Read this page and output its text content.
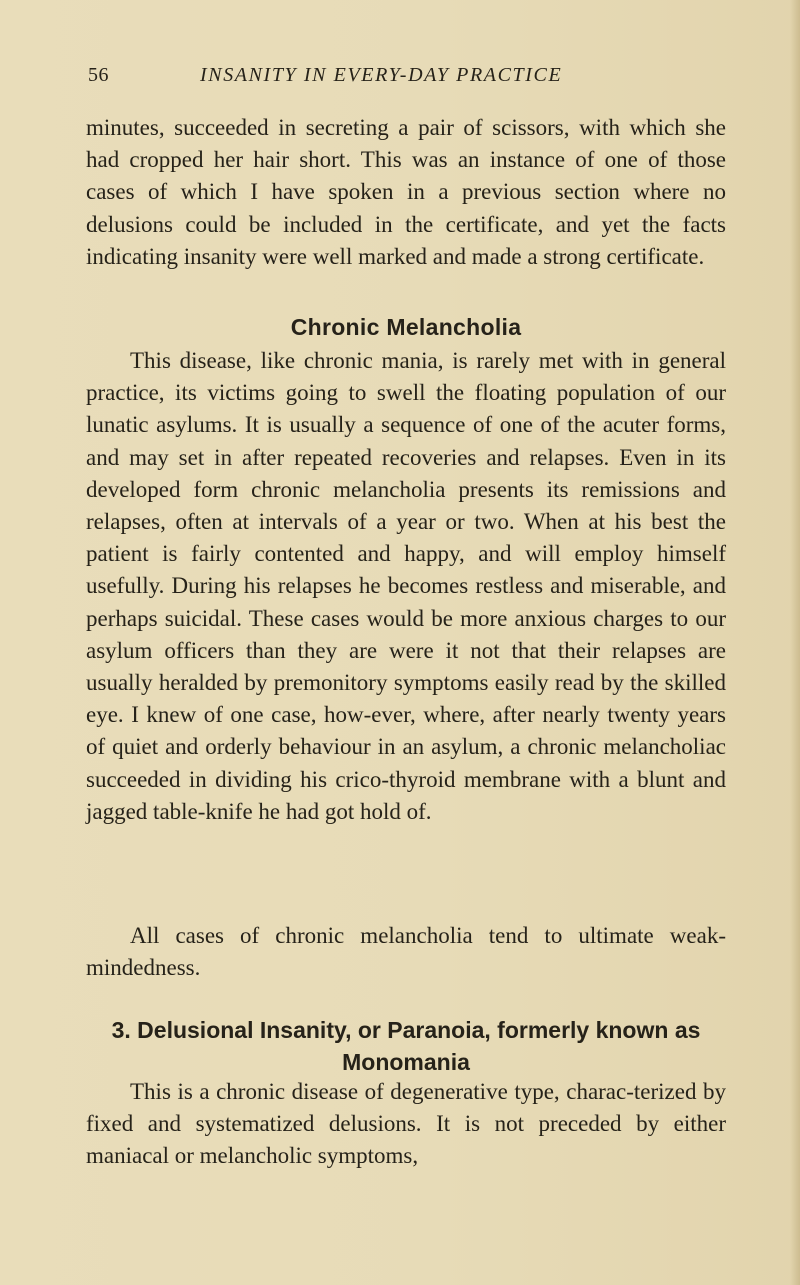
56	INSANITY IN EVERY-DAY PRACTICE

minutes, succeeded in secreting a pair of scissors, with which she had cropped her hair short. This was an instance of one of those cases of which I have spoken in a previous section where no delusions could be included in the certificate, and yet the facts indicating insanity were well marked and made a strong certificate.

Chronic Melancholia

This disease, like chronic mania, is rarely met with in general practice, its victims going to swell the floating population of our lunatic asylums. It is usually a sequence of one of the acuter forms, and may set in after repeated recoveries and relapses. Even in its developed form chronic melancholia presents its remissions and relapses, often at intervals of a year or two. When at his best the patient is fairly contented and happy, and will employ himself usefully. During his relapses he becomes restless and miserable, and perhaps suicidal. These cases would be more anxious charges to our asylum officers than they are were it not that their relapses are usually heralded by premonitory symptoms easily read by the skilled eye. I knew of one case, how-ever, where, after nearly twenty years of quiet and orderly behaviour in an asylum, a chronic melancholiac succeeded in dividing his crico-thyroid membrane with a blunt and jagged table-knife he had got hold of.

All cases of chronic melancholia tend to ultimate weak-mindedness.

3. Delusional Insanity, or Paranoia, formerly known as Monomania

This is a chronic disease of degenerative type, charac-terized by fixed and systematized delusions. It is not preceded by either maniacal or melancholic symptoms,
